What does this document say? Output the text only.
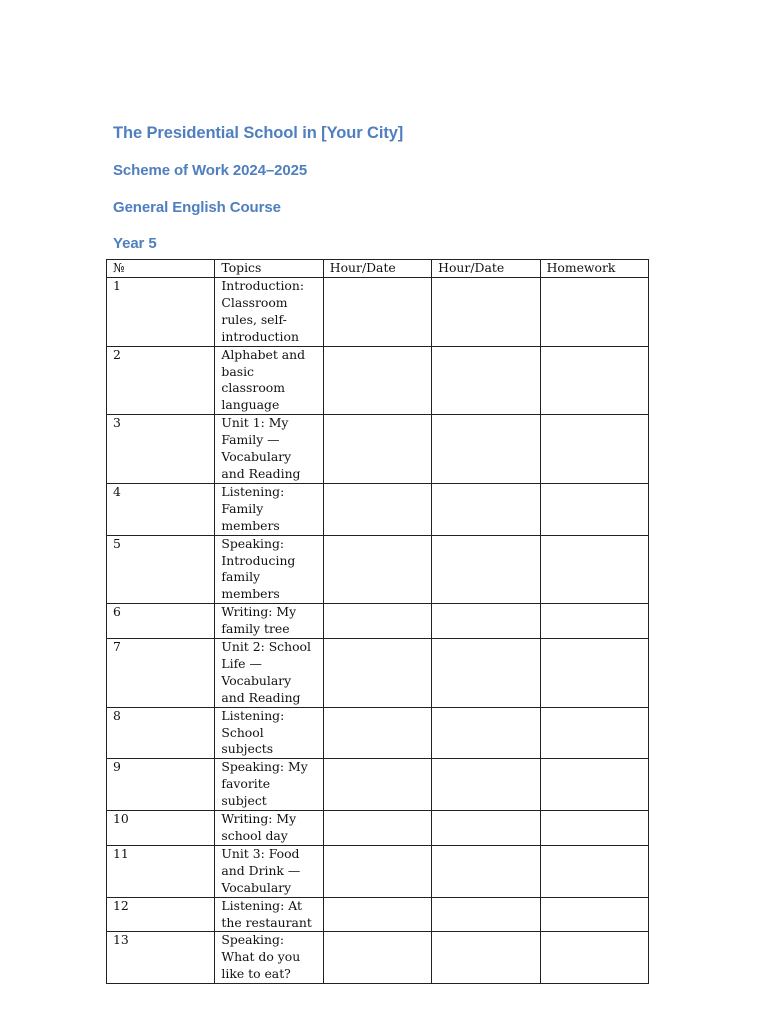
The Presidential School in [Your City]
Scheme of Work 2024–2025
General English Course
Year 5
№	Topics	Hour/Date	Hour/Date	Homework
1	Introduction: Classroom rules, self-introduction			
2	Alphabet and basic classroom language			
3	Unit 1: My Family — Vocabulary and Reading			
4	Listening: Family members			
5	Speaking: Introducing family members			
6	Writing: My family tree			
7	Unit 2: School Life — Vocabulary and Reading			
8	Listening: School subjects			
9	Speaking: My favorite subject			
10	Writing: My school day			
11	Unit 3: Food and Drink — Vocabulary			
12	Listening: At the restaurant			
13	Speaking: What do you like to eat?			
